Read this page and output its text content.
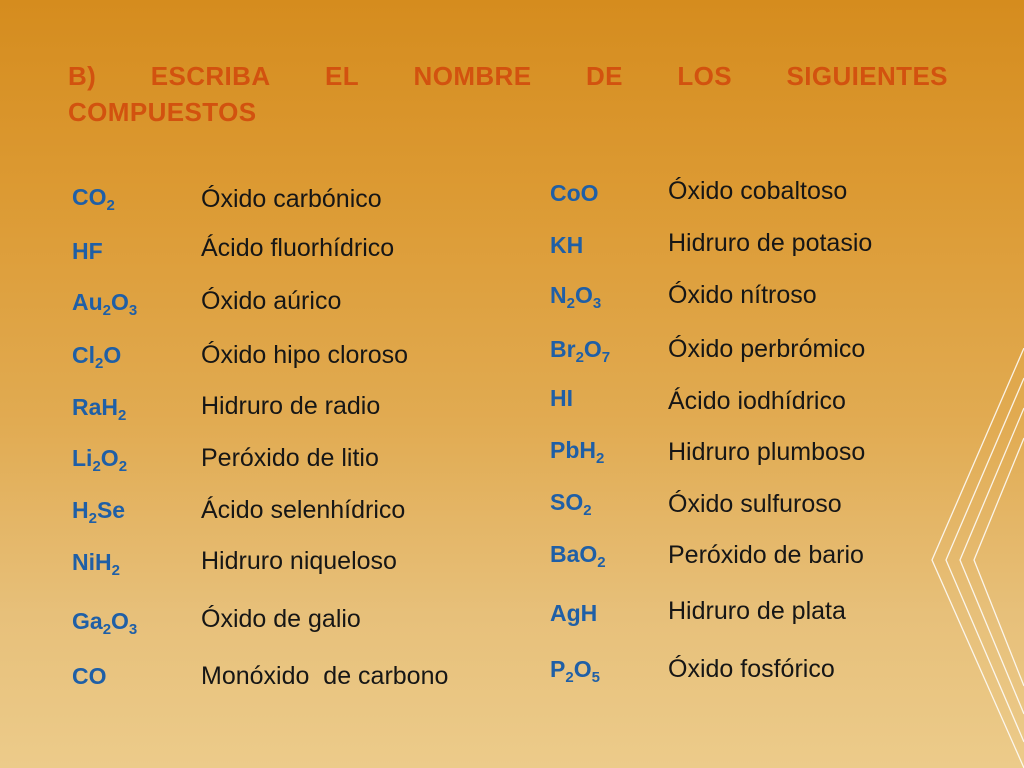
B) ESCRIBA EL NOMBRE DE LOS SIGUIENTES
COMPUESTOS
$CO_2$	Óxido carbónico
HF	Ácido fluorhídrico
$Au_2O_3$	Óxido aúrico
$Cl_2O$	Óxido hipo cloroso
RaH$_2$	Hidruro de radio
$Li_2O_2$	Peróxido de litio
$H_2Se$	Ácido selenhídrico
NiH$_2$	Hidruro niqueloso
$Ga_2O_3$	Óxido de galio
CO	Monóxido  de carbono
CoO	Óxido cobaltoso
KH	Hidruro de potasio
$N_2O_3$	Óxido nítroso
$Br_2O_7$ Óxido perbrómico
HI	Ácido iodhídrico
PbH$_2$	Hidruro plumboso
$SO_2$	Óxido sulfuroso
BaO$_2$ Peróxido de bario
AgH	Hidruro de plata
$P_2O_5$	Óxido fosfórico
